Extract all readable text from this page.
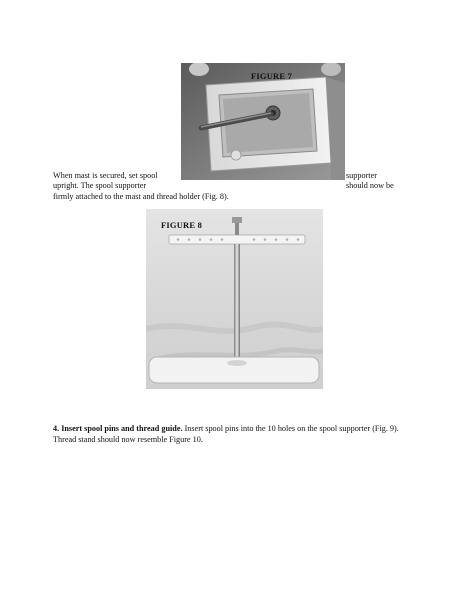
FIGURE 7
When mast is secured, set spool	supporter
upright. The spool supporter	should now be
firmly attached to the mast and thread holder (Fig. 8).
FIGURE 8
4. Insert spool pins and thread guide. Insert spool pins into the 10 holes on the spool supporter (Fig. 9). Thread stand should now resemble Figure 10.
